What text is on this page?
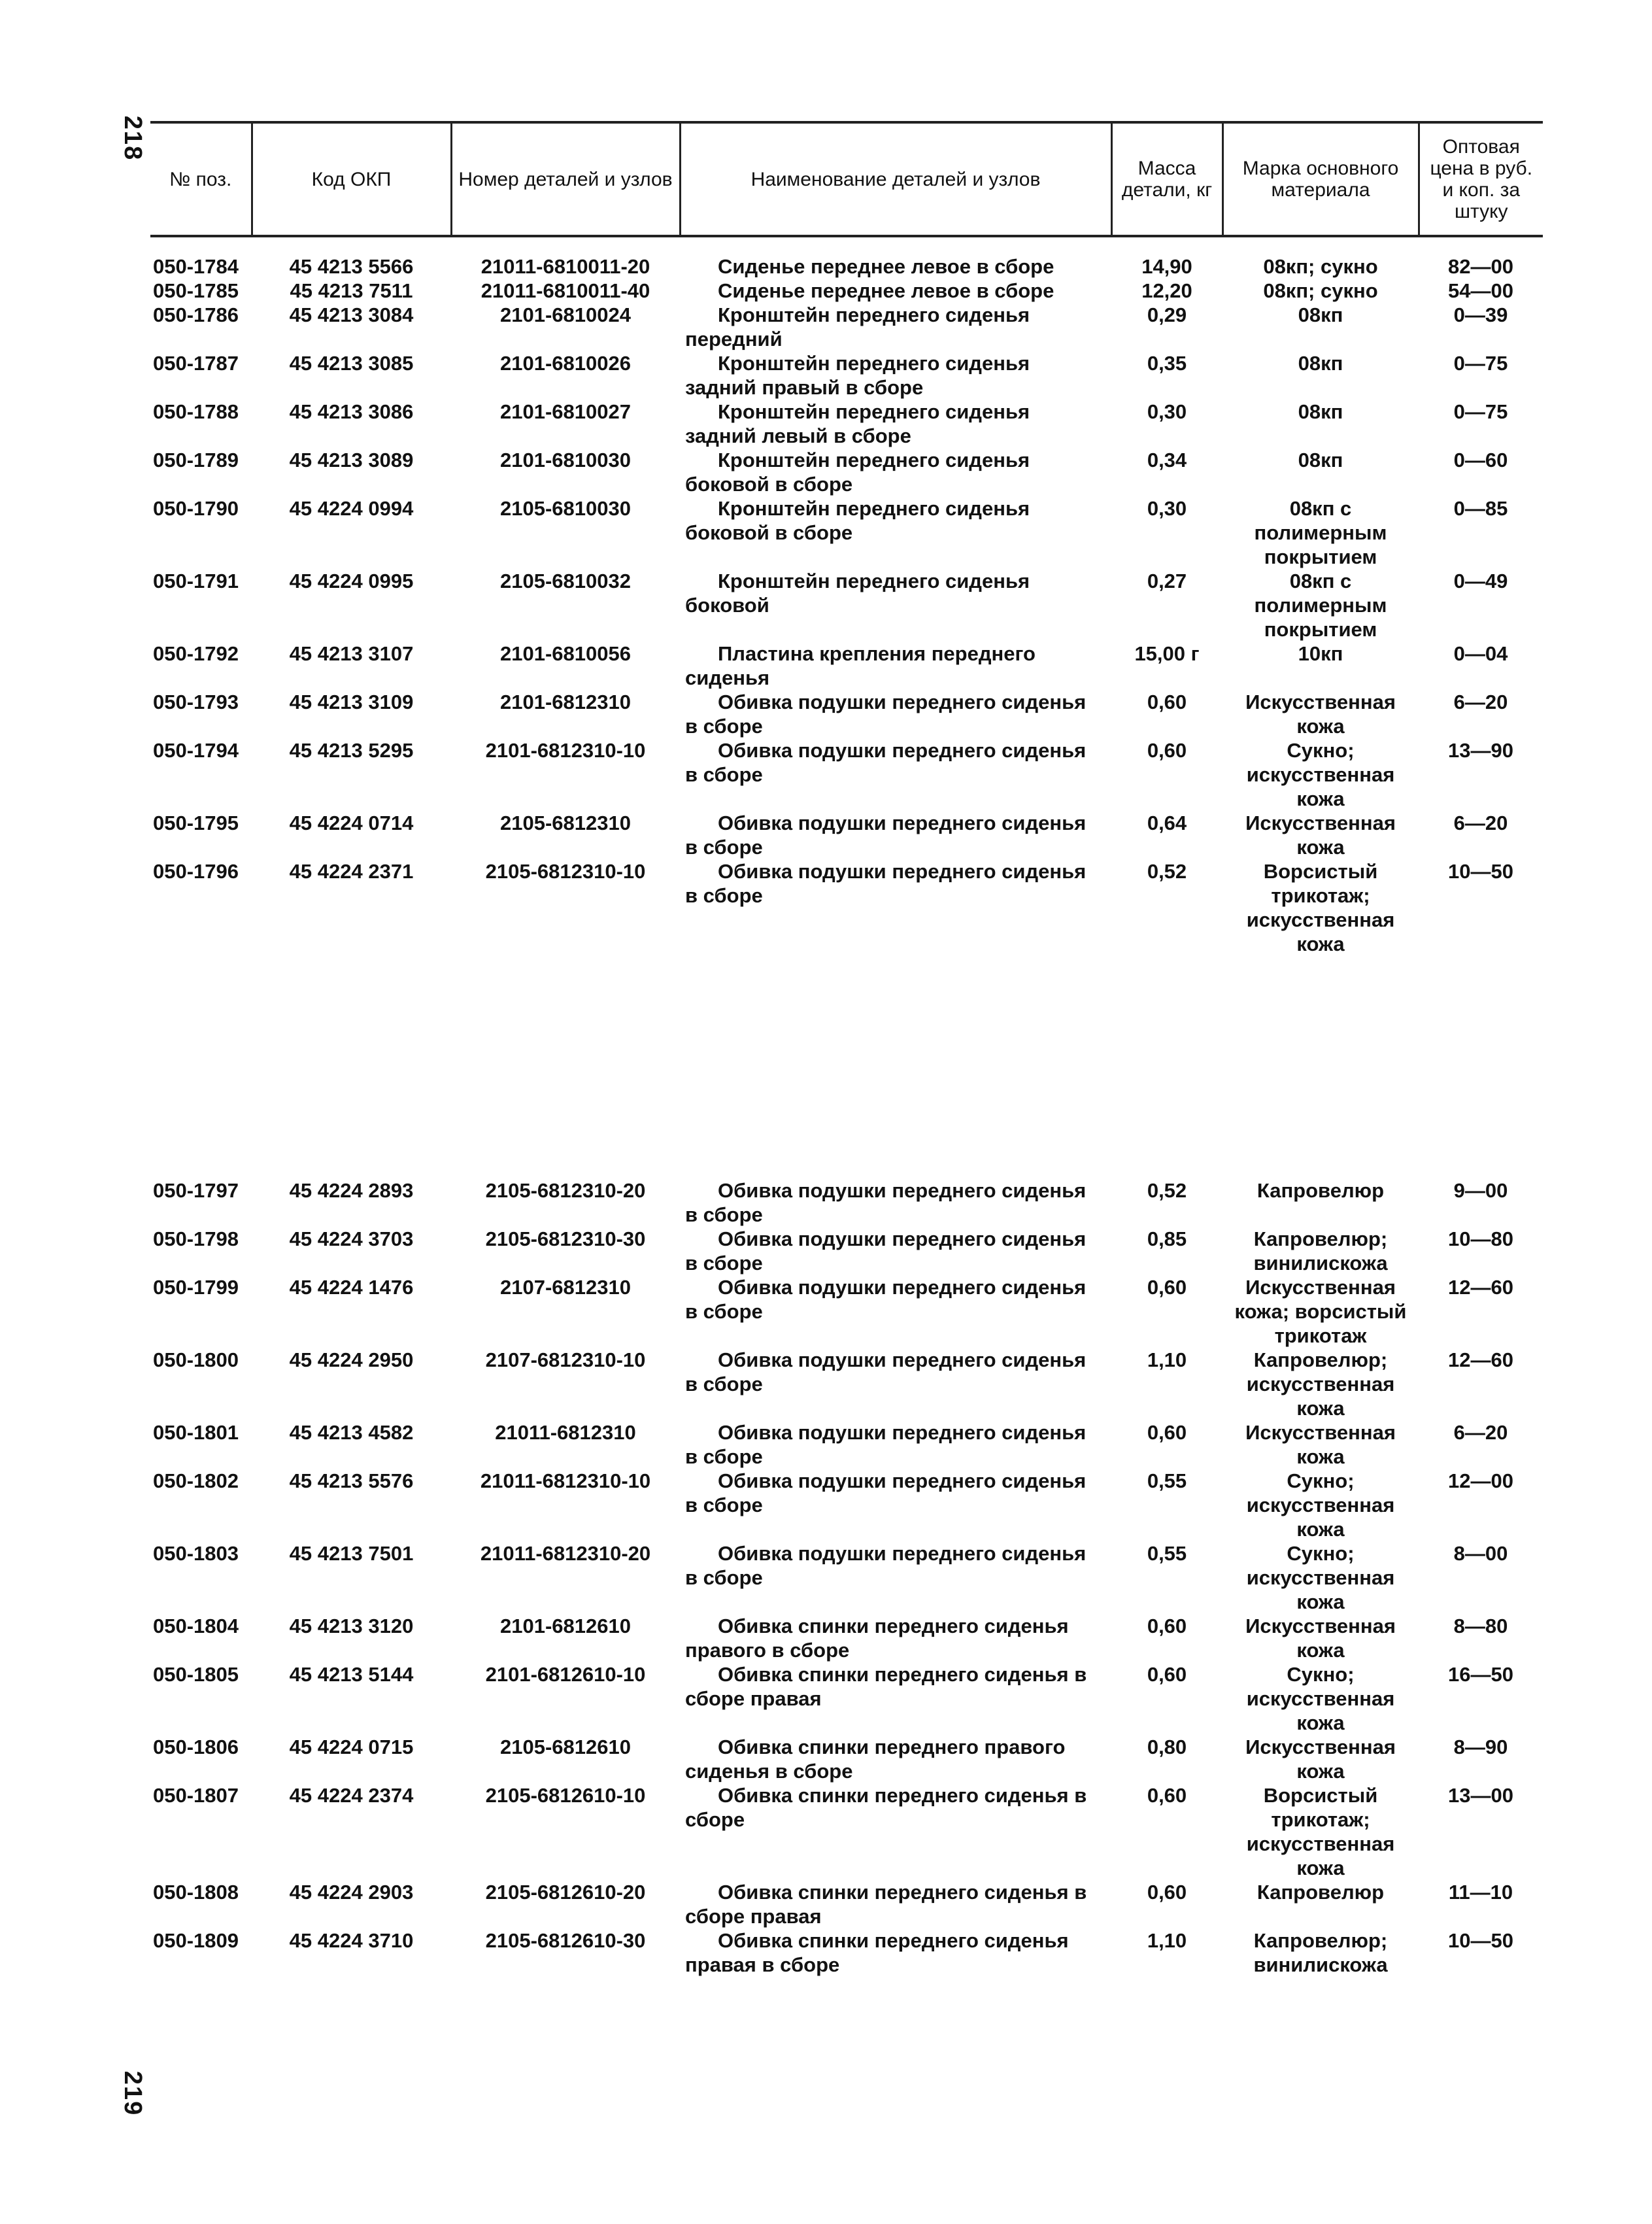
218
219
№ поз.	Код ОКП	Номер деталей и узлов	Наименование деталей и узлов	Масса детали, кг	Марка основного материала	Оптовая цена в руб. и коп. за штуку
050-1784	45 4213 5566	21011-6810011-20	Сиденье переднее левое в сборе	14,90	08кп; сукно	82—00
050-1785	45 4213 7511	21011-6810011-40	Сиденье переднее левое в сборе	12,20	08кп; сукно	54—00
050-1786	45 4213 3084	2101-6810024	Кронштейн переднего сиденья передний	0,29	08кп	0—39
050-1787	45 4213 3085	2101-6810026	Кронштейн переднего сиденья задний правый в сборе	0,35	08кп	0—75
050-1788	45 4213 3086	2101-6810027	Кронштейн переднего сиденья задний левый в сборе	0,30	08кп	0—75
050-1789	45 4213 3089	2101-6810030	Кронштейн переднего сиденья боковой в сборе	0,34	08кп	0—60
050-1790	45 4224 0994	2105-6810030	Кронштейн переднего сиденья боковой в сборе	0,30	08кп с полимерным покрытием	0—85
050-1791	45 4224 0995	2105-6810032	Кронштейн переднего сиденья боковой	0,27	08кп с полимерным покрытием	0—49
050-1792	45 4213 3107	2101-6810056	Пластина крепления переднего сиденья	15,00 г	10кп	0—04
050-1793	45 4213 3109	2101-6812310	Обивка подушки переднего сиденья в сборе	0,60	Искусственная кожа	6—20
050-1794	45 4213 5295	2101-6812310-10	Обивка подушки переднего сиденья в сборе	0,60	Сукно; искусственная кожа	13—90
050-1795	45 4224 0714	2105-6812310	Обивка подушки переднего сиденья в сборе	0,64	Искусственная кожа	6—20
050-1796	45 4224 2371	2105-6812310-10	Обивка подушки переднего сиденья в сборе	0,52	Ворсистый трикотаж; искусственная кожа	10—50

050-1797	45 4224 2893	2105-6812310-20	Обивка подушки переднего сиденья в сборе	0,52	Капровелюр	9—00
050-1798	45 4224 3703	2105-6812310-30	Обивка подушки переднего сиденья в сборе	0,85	Капровелюр; винилискожа	10—80
050-1799	45 4224 1476	2107-6812310	Обивка подушки переднего сиденья в сборе	0,60	Искусственная кожа; ворсистый трикотаж	12—60
050-1800	45 4224 2950	2107-6812310-10	Обивка подушки переднего сиденья в сборе	1,10	Капровелюр; искусственная кожа	12—60
050-1801	45 4213 4582	21011-6812310	Обивка подушки переднего сиденья в сборе	0,60	Искусственная кожа	6—20
050-1802	45 4213 5576	21011-6812310-10	Обивка подушки переднего сиденья в сборе	0,55	Сукно; искусственная кожа	12—00
050-1803	45 4213 7501	21011-6812310-20	Обивка подушки переднего сиденья в сборе	0,55	Сукно; искусственная кожа	8—00
050-1804	45 4213 3120	2101-6812610	Обивка спинки переднего сиденья правого в сборе	0,60	Искусственная кожа	8—80
050-1805	45 4213 5144	2101-6812610-10	Обивка спинки переднего сиденья в сборе правая	0,60	Сукно; искусственная кожа	16—50
050-1806	45 4224 0715	2105-6812610	Обивка спинки переднего правого сиденья в сборе	0,80	Искусственная кожа	8—90
050-1807	45 4224 2374	2105-6812610-10	Обивка спинки переднего сиденья в сборе	0,60	Ворсистый трикотаж; искусственная кожа	13—00
050-1808	45 4224 2903	2105-6812610-20	Обивка спинки переднего сиденья в сборе правая	0,60	Капровелюр	11—10
050-1809	45 4224 3710	2105-6812610-30	Обивка спинки переднего сиденья правая в сборе	1,10	Капровелюр; винилискожа	10—50
